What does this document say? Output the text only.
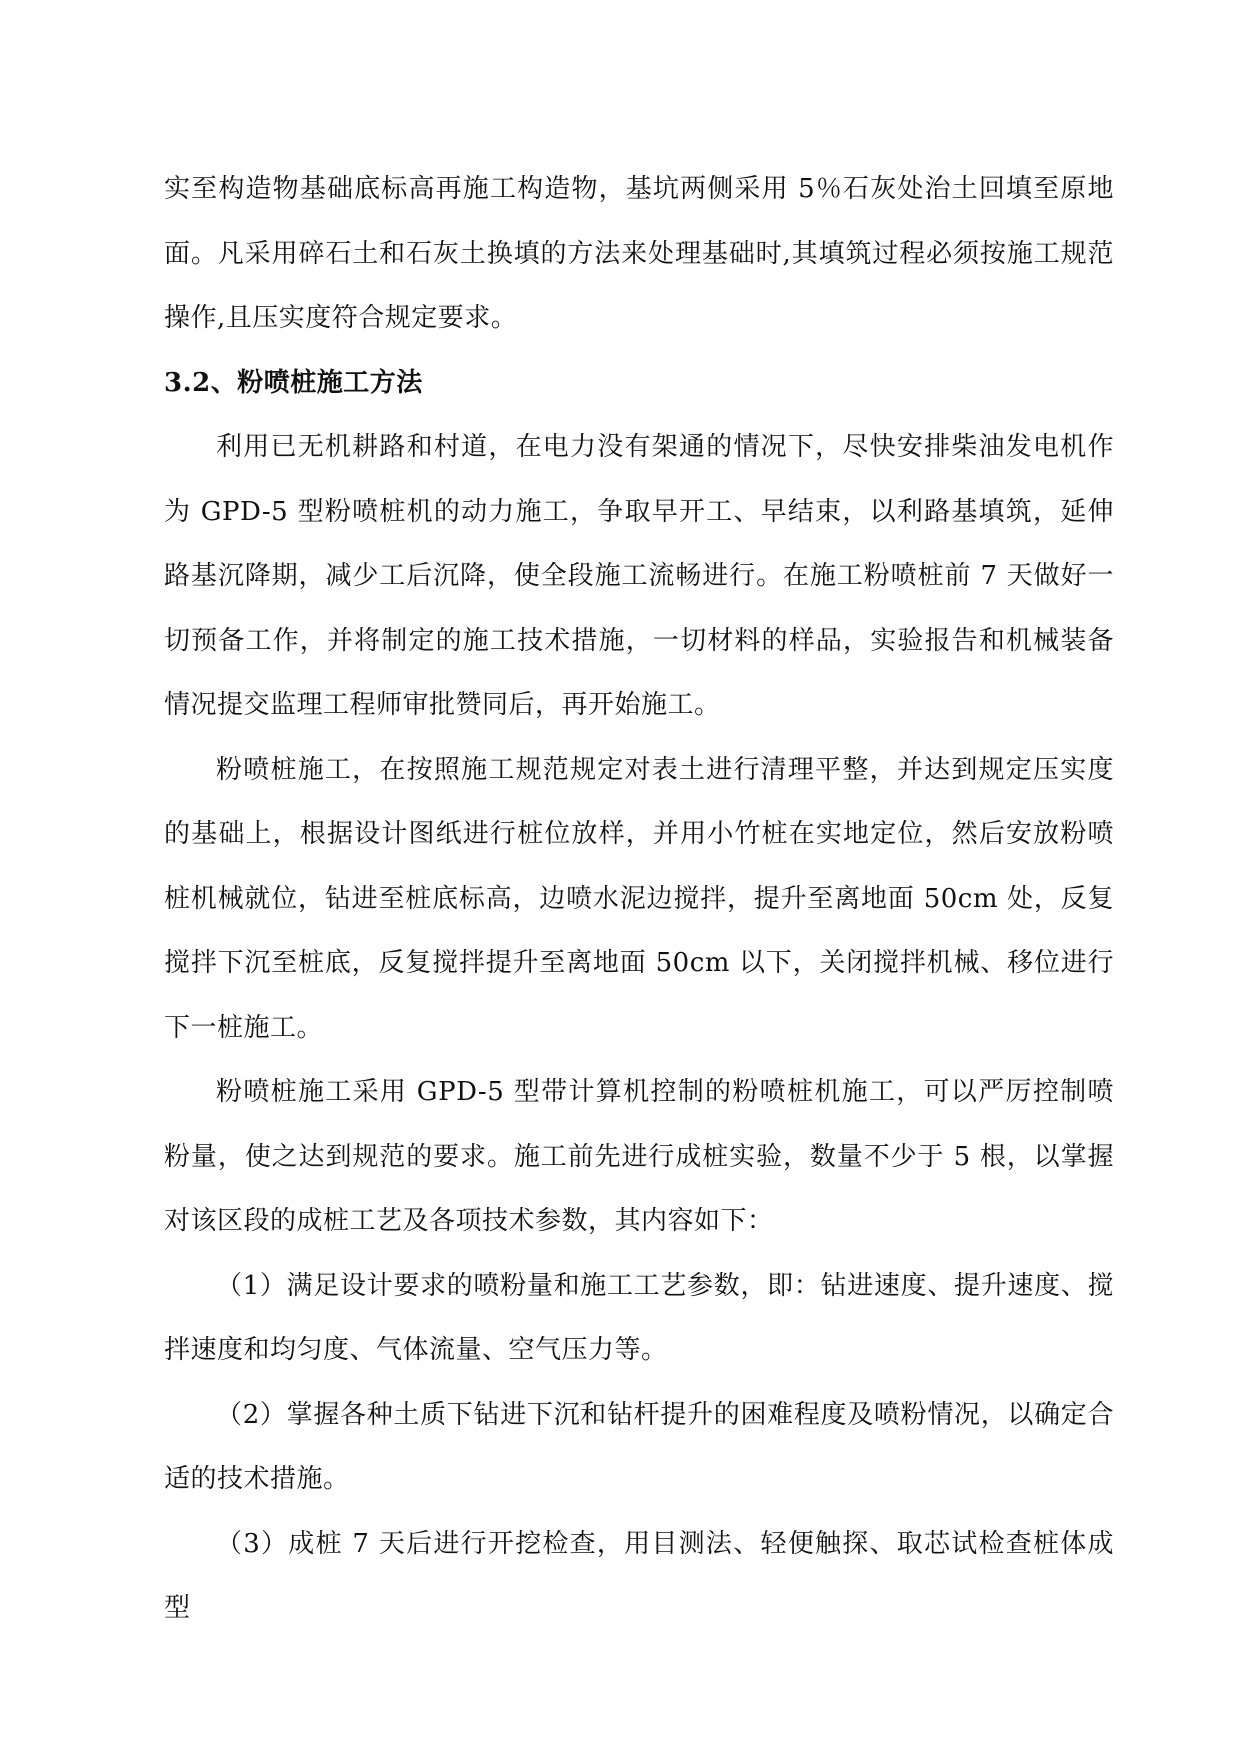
实至构造物基础底标高再施工构造物，基坑两侧采用 5％石灰处治土回填至原地面。凡采用碎石土和石灰土换填的方法来处理基础时,其填筑过程必须按施工规范操作,且压实度符合规定要求。

3.2、粉喷桩施工方法

利用已无机耕路和村道，在电力没有架通的情况下，尽快安排柴油发电机作为 GPD-5 型粉喷桩机的动力施工，争取早开工、早结束，以利路基填筑，延伸路基沉降期，减少工后沉降，使全段施工流畅进行。在施工粉喷桩前 7 天做好一切预备工作，并将制定的施工技术措施，一切材料的样品，实验报告和机械装备情况提交监理工程师审批赞同后，再开始施工。

粉喷桩施工，在按照施工规范规定对表土进行清理平整，并达到规定压实度的基础上，根据设计图纸进行桩位放样，并用小竹桩在实地定位，然后安放粉喷桩机械就位，钻进至桩底标高，边喷水泥边搅拌，提升至离地面 50cm 处，反复搅拌下沉至桩底，反复搅拌提升至离地面 50cm 以下，关闭搅拌机械、移位进行下一桩施工。

粉喷桩施工采用 GPD-5 型带计算机控制的粉喷桩机施工，可以严厉控制喷粉量，使之达到规范的要求。施工前先进行成桩实验，数量不少于 5 根，以掌握对该区段的成桩工艺及各项技术参数，其内容如下：

（1）满足设计要求的喷粉量和施工工艺参数，即：钻进速度、提升速度、搅拌速度和均匀度、气体流量、空气压力等。

（2）掌握各种土质下钻进下沉和钻杆提升的困难程度及喷粉情况，以确定合适的技术措施。

（3）成桩 7 天后进行开挖检查，用目测法、轻便触探、取芯试检查桩体成型
